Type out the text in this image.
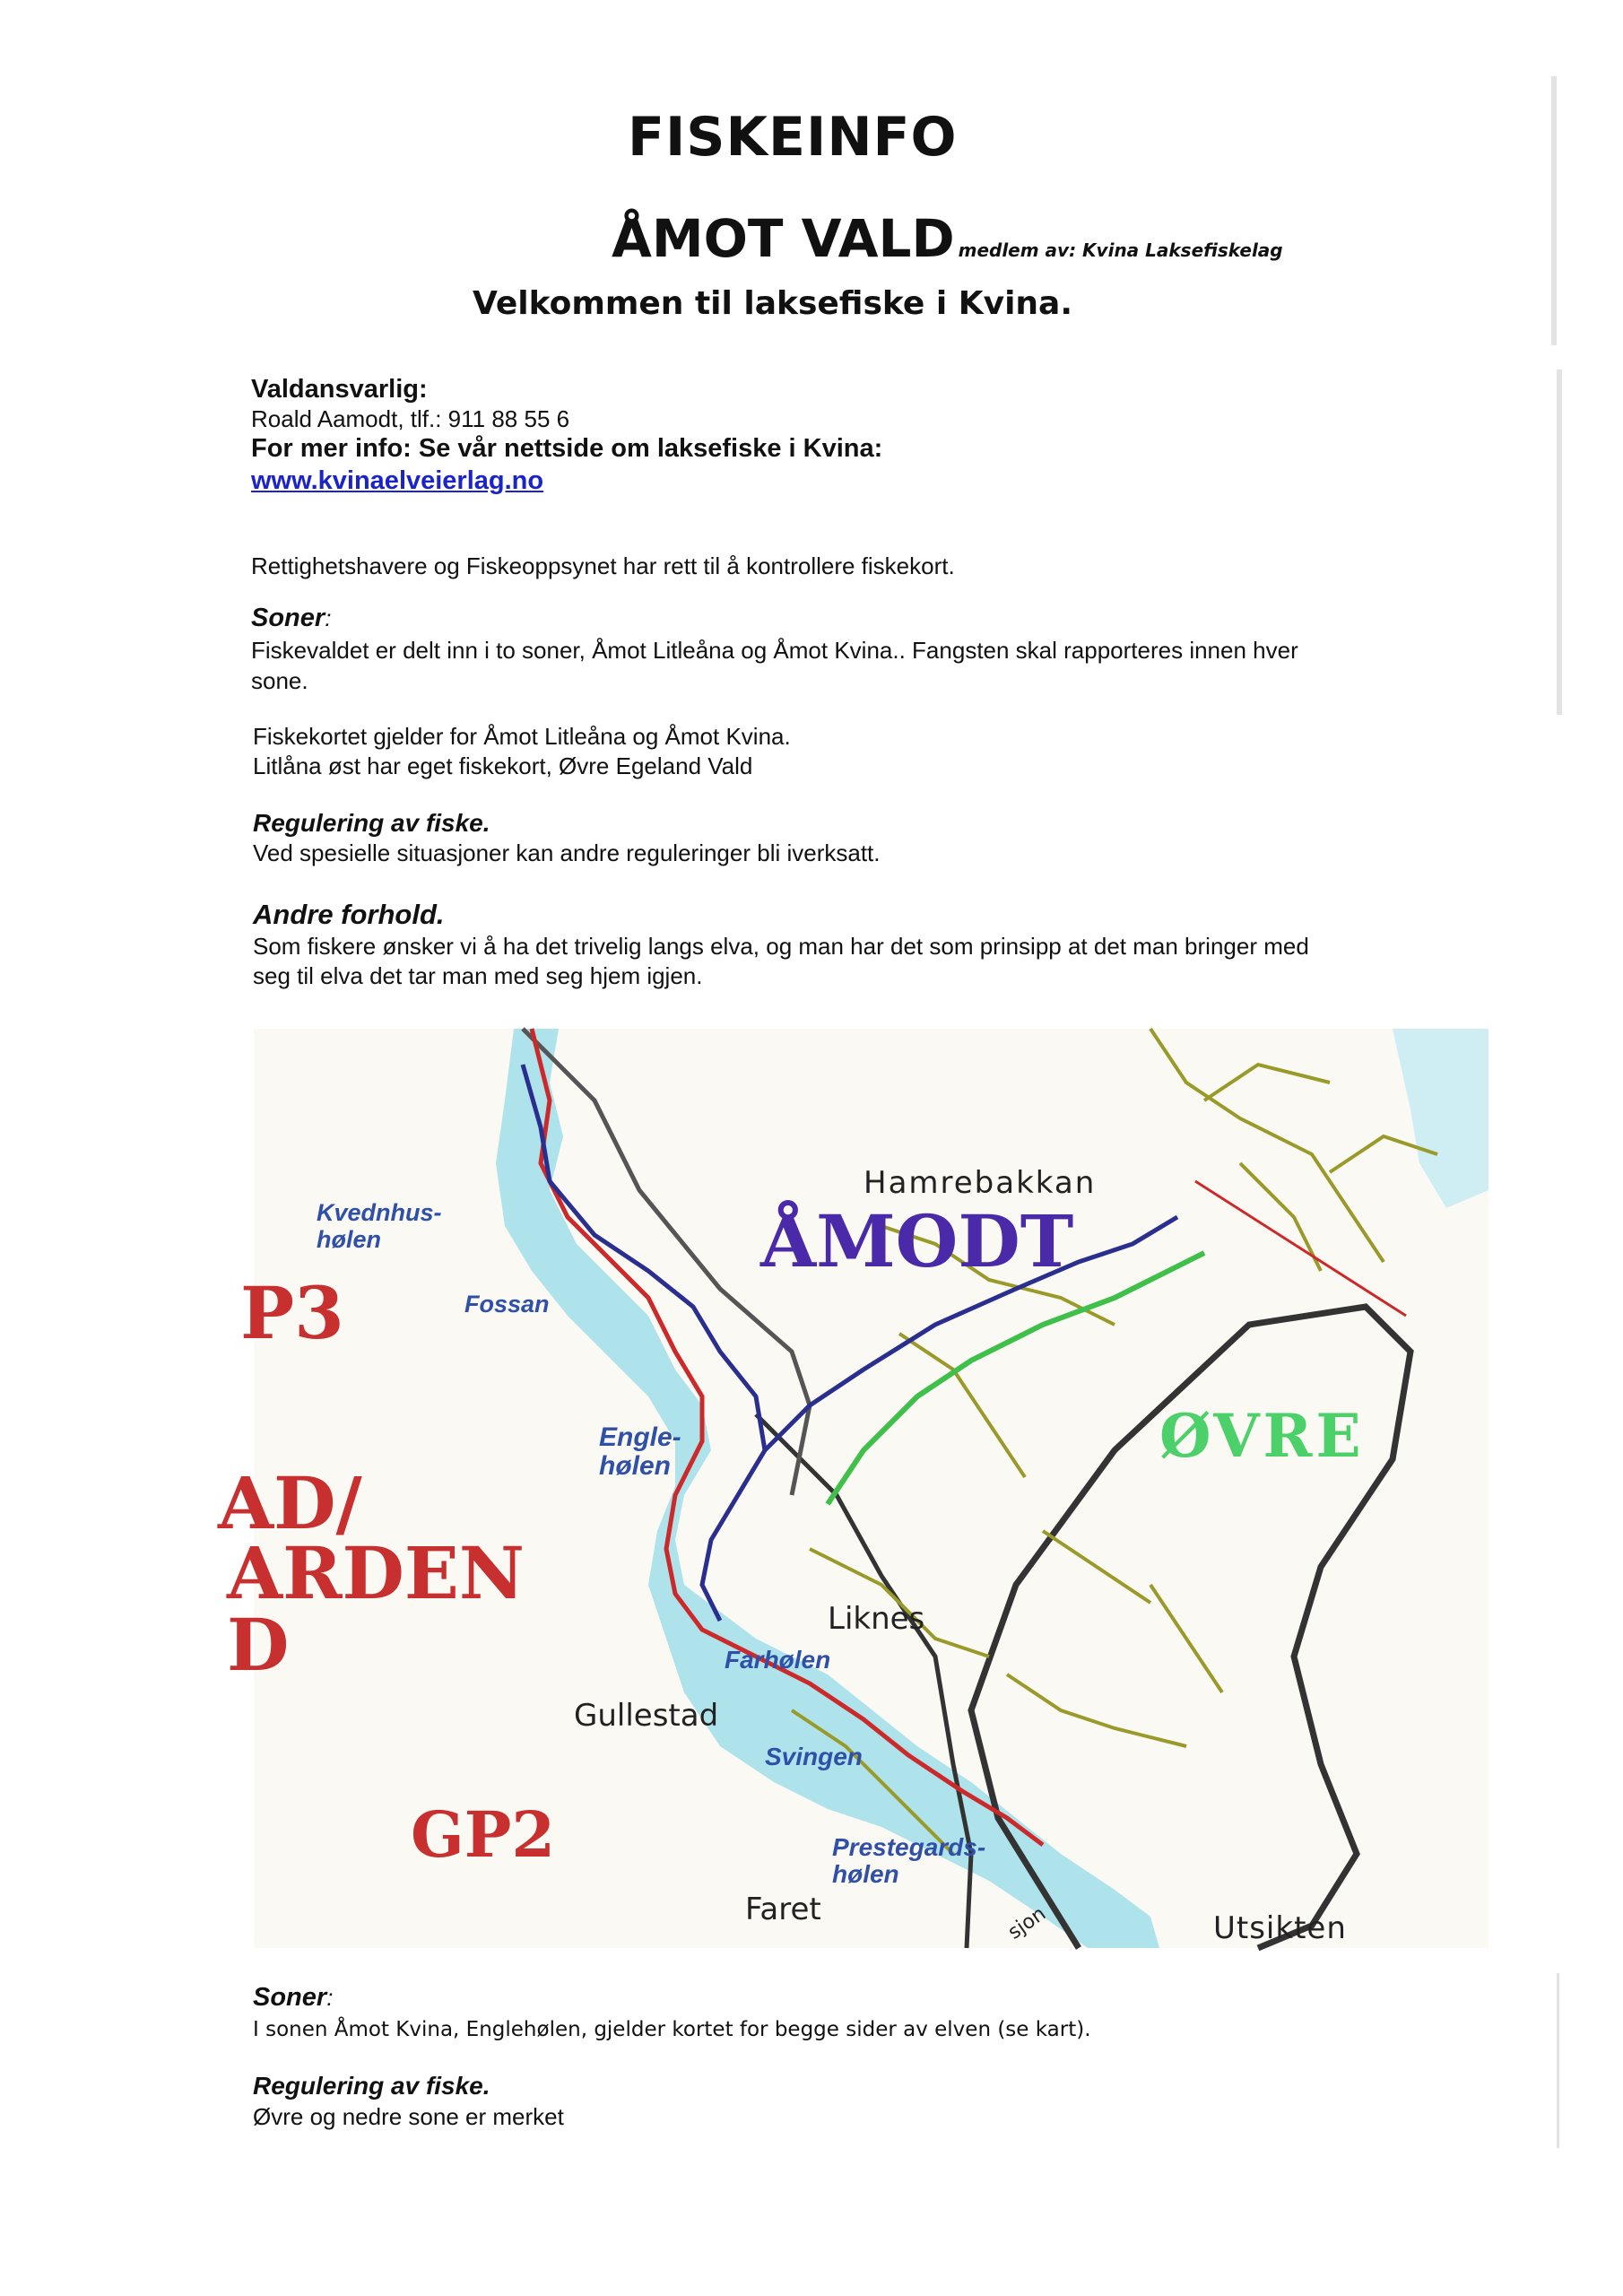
FISKEINFO
ÅMOT VALD medlem av: Kvina Laksefiskelag
Velkommen til laksefiske i Kvina.
Valdansvarlig:
Roald Aamodt, tlf.: 911 88 55 6
For mer info: Se vår nettside om laksefiske i Kvina:
www.kvinaelveierlag.no
Rettighetshavere og Fiskeoppsynet har rett til å kontrollere fiskekort.
Soner:
Fiskevaldet er delt inn i to soner, Åmot Litleåna og Åmot Kvina.. Fangsten skal rapporteres innen hver
sone.
Fiskekortet gjelder for Åmot Litleåna og Åmot Kvina.
Litlåna øst har eget fiskekort, Øvre Egeland Vald
Regulering av fiske.
Ved spesielle situasjoner kan andre reguleringer bli iverksatt.
Andre forhold.
Som fiskere ønsker vi å ha det trivelig langs elva, og man har det som prinsipp at det man bringer med
seg til elva det tar man med seg hjem igjen.
Hamrebakkan
ÅMODT
Kvednhus-
hølen
P3	Fossan
ØVRE
Engle-
hølen
AD/
ARDEN
D	Liknes
Farhølen
Gullestad
Svingen
GP2	Prestegards-
hølen
Faret
Utsikten
sjon
Soner:
I sonen Åmot Kvina, Englehølen, gjelder kortet for begge sider av elven (se kart).
Regulering av fiske.
Øvre og nedre sone er merket
